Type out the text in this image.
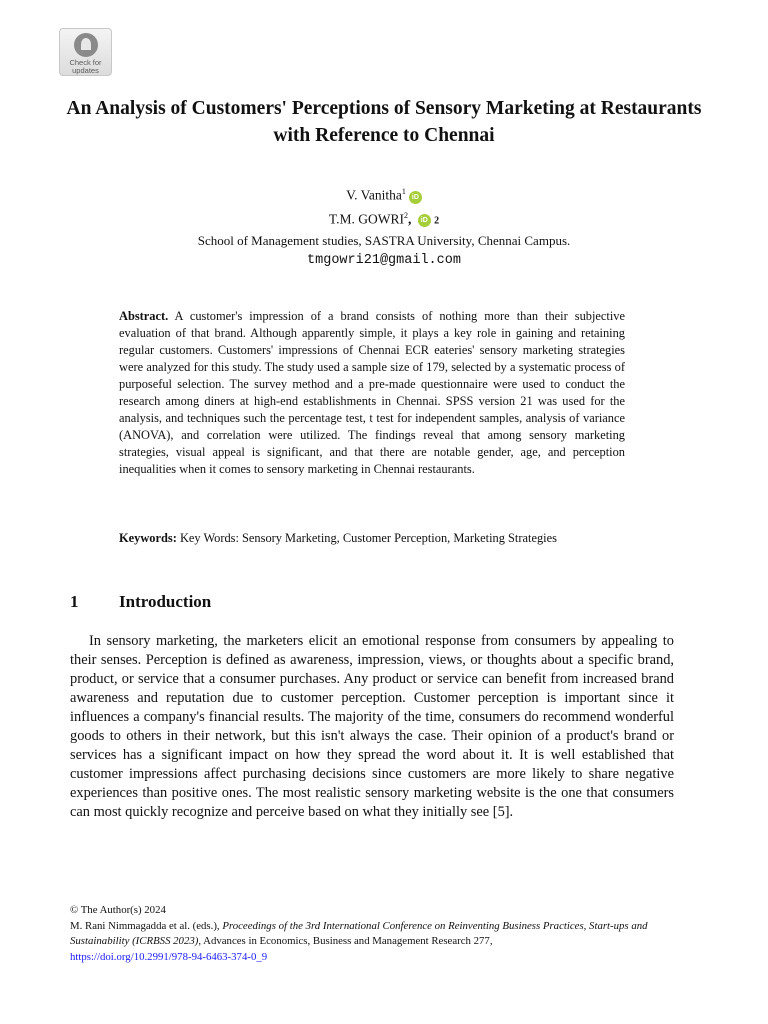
Check for updates
An Analysis of Customers' Perceptions of Sensory Marketing at Restaurants with Reference to Chennai
V. Vanitha$^1$iD
T.M. GOWRI$^2$, iD 2
School of Management studies, SASTRA University, Chennai Campus.
tmgowri21@gmail.com
Abstract. A customer's impression of a brand consists of nothing more than their subjective evaluation of that brand. Although apparently simple, it plays a key role in gaining and retaining regular customers. Customers' impressions of Chennai ECR eateries' sensory marketing strategies were analyzed for this study. The study used a sample size of 179, selected by a systematic process of purposeful selection. The survey method and a pre-made questionnaire were used to conduct the research among diners at high-end establishments in Chennai. SPSS version 21 was used for the analysis, and techniques such the percentage test, t test for independent samples, analysis of variance (ANOVA), and correlation were utilized. The findings reveal that among sensory marketing strategies, visual appeal is significant, and that there are notable gender, age, and perception inequalities when it comes to sensory marketing in Chennai restaurants.
Keywords: Key Words: Sensory Marketing, Customer Perception, Marketing Strategies
1 Introduction

In sensory marketing, the marketers elicit an emotional response from consumers by appealing to their senses. Perception is defined as awareness, impression, views, or thoughts about a specific brand, product, or service that a consumer purchases. Any product or service can benefit from increased brand awareness and reputation due to customer perception. Customer perception is important since it influences a company's financial results. The majority of the time, consumers do recommend wonderful goods to others in their network, but this isn't always the case. Their opinion of a product's brand or services has a significant impact on how they spread the word about it. It is well established that customer impressions affect purchasing decisions since customers are more likely to share negative experiences than positive ones. The most realistic sensory marketing website is the one that consumers can most quickly recognize and perceive based on what they initially see [5].

© The Author(s) 2024
M. Rani Nimmagadda et al. (eds.), Proceedings of the 3rd International Conference on Reinventing Business Practices, Start-ups and Sustainability (ICRBSS 2023), Advances in Economics, Business and Management Research 277,
https://doi.org/10.2991/978-94-6463-374-0_9
